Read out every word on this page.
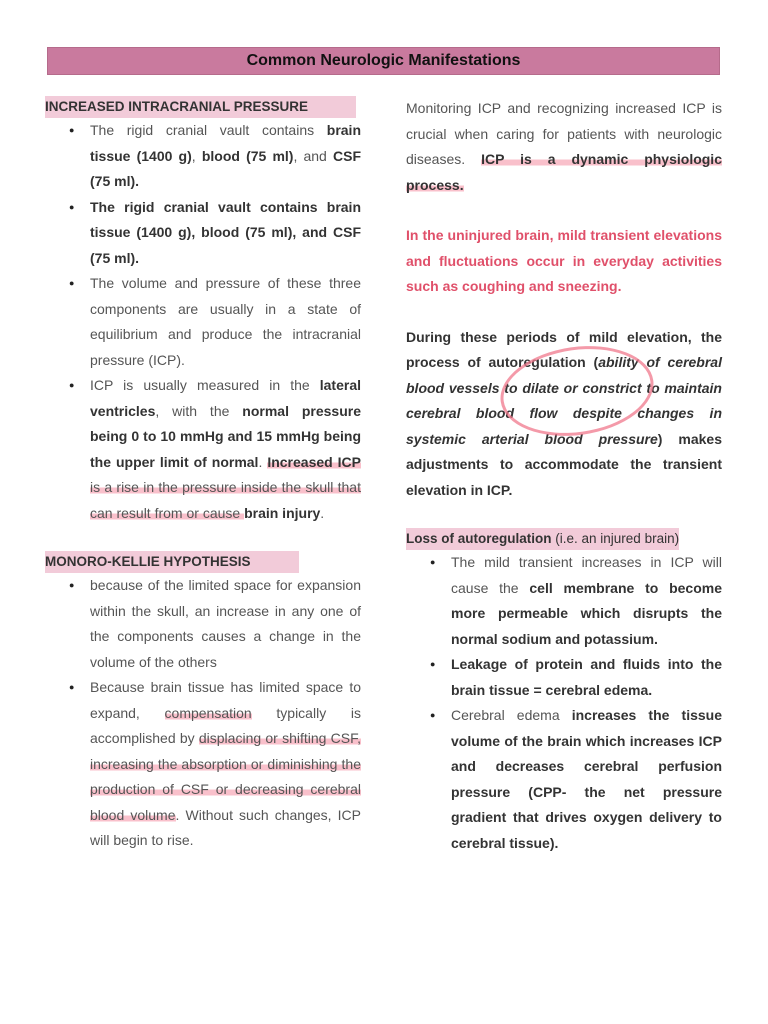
Common Neurologic Manifestations
INCREASED INTRACRANIAL PRESSURE
● The rigid cranial vault contains brain tissue (1400 g), blood (75 ml), and CSF (75 ml).
● The rigid cranial vault contains brain tissue (1400 g), blood (75 ml), and CSF (75 ml).
● The volume and pressure of these three components are usually in a state of equilibrium and produce the intracranial pressure (ICP).
● ICP is usually measured in the lateral ventricles, with the normal pressure being 0 to 10 mmHg and 15 mmHg being the upper limit of normal. Increased ICP is a rise in the pressure inside the skull that can result from or cause brain injury.
MONORO-KELLIE HYPOTHESIS
● because of the limited space for expansion within the skull, an increase in any one of the components causes a change in the volume of the others
● Because brain tissue has limited space to expand, compensation typically is accomplished by displacing or shifting CSF, increasing the absorption or diminishing the production of CSF or decreasing cerebral blood volume. Without such changes, ICP will begin to rise.

Monitoring ICP and recognizing increased ICP is crucial when caring for patients with neurologic diseases. ICP is a dynamic physiologic process.

In the uninjured brain, mild transient elevations and fluctuations occur in everyday activities such as coughing and sneezing.

During these periods of mild elevation, the process of autoregulation (ability of cerebral blood vessels to dilate or constrict to maintain cerebral blood flow despite changes in systemic arterial blood pressure) makes adjustments to accommodate the transient elevation in ICP.

Loss of autoregulation (i.e. an injured brain)
● The mild transient increases in ICP will cause the cell membrane to become more permeable which disrupts the normal sodium and potassium.
● Leakage of protein and fluids into the brain tissue = cerebral edema.
● Cerebral edema increases the tissue volume of the brain which increases ICP and decreases cerebral perfusion pressure (CPP- the net pressure gradient that drives oxygen delivery to cerebral tissue).
